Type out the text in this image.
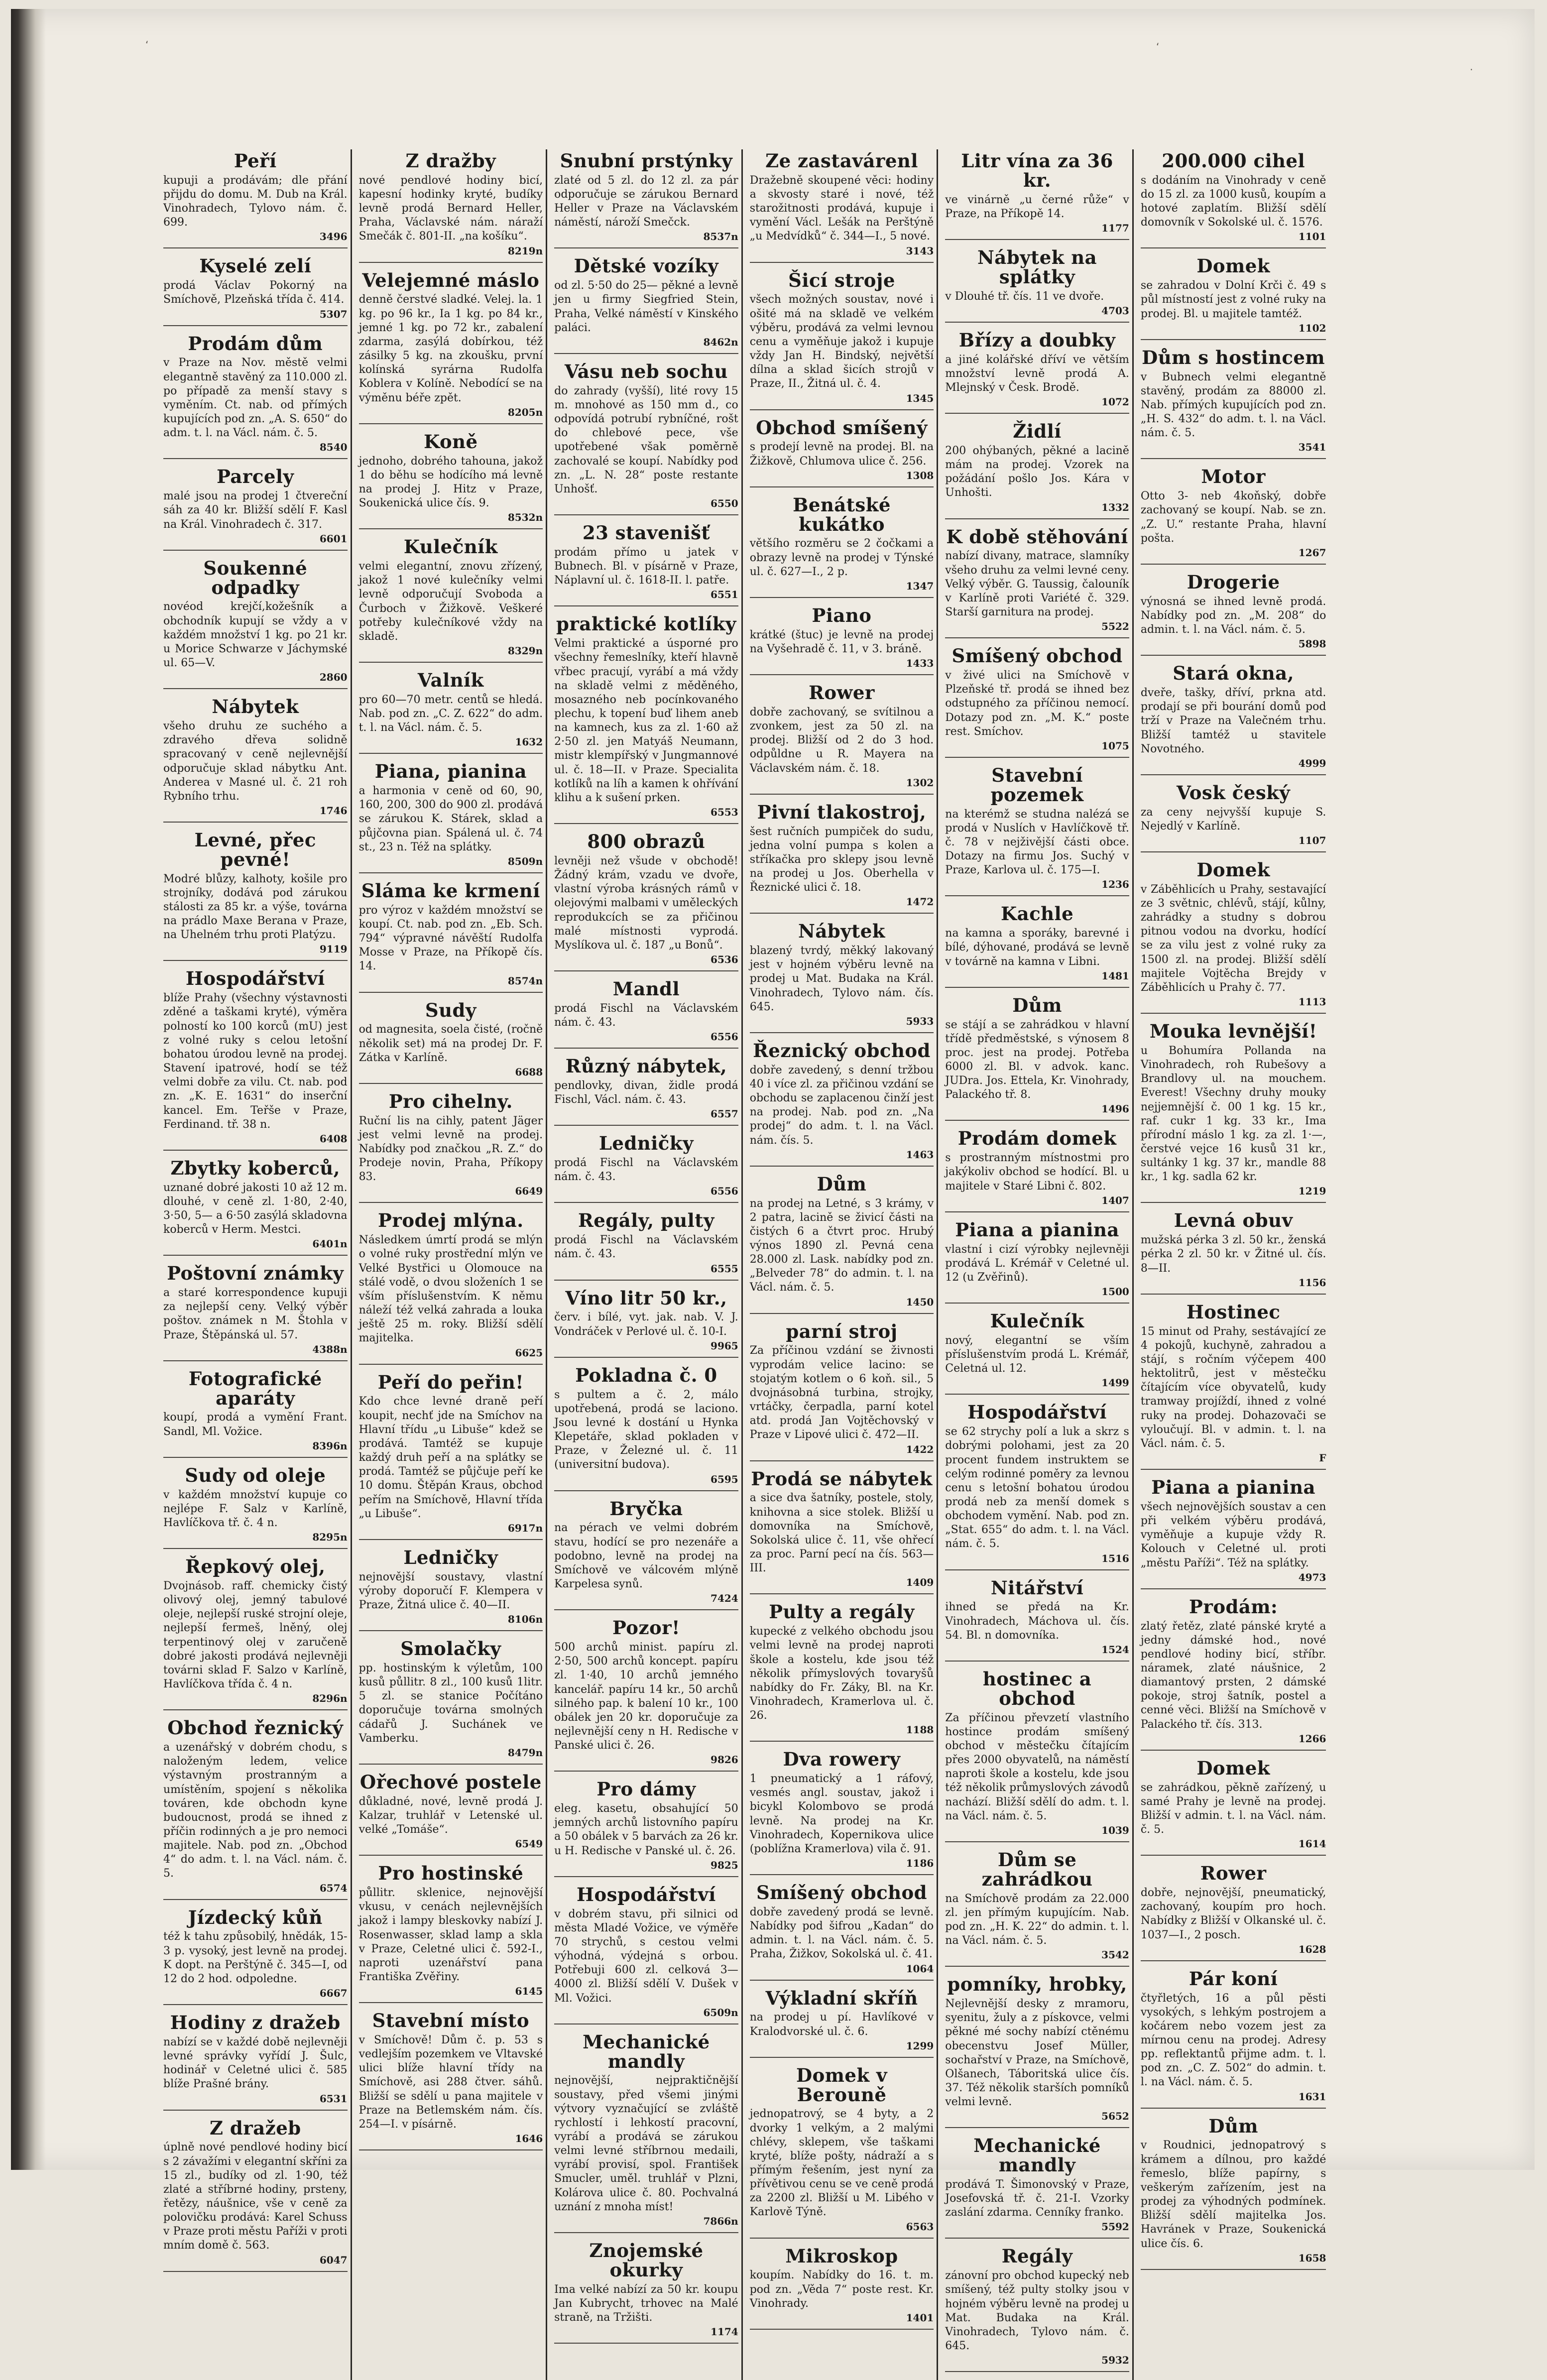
‘	‘
·
Peří
kupuji a prodávám; dle přání přijdu do domu. M. Dub na Král. Vinohradech, Tylovo nám. č. 699.
3496
Kyselé zelí
prodá Václav Pokorný na Smíchově, Plzeňská třída č. 414.
5307
Prodám dům
v Praze na Nov. městě velmi elegantně stavěný za 110.000 zl. po případě za menší stavy s vyměním. Ct. nab. od přímých kupujících pod zn. „A. S. 650“ do adm. t. l. na Václ. nám. č. 5.
8540
Parcely
malé jsou na prodej 1 čtvereční sáh za 40 kr. Bližší sdělí F. Kasl na Král. Vinohradech č. 317.
6601
Soukenné odpadky
novéod krejčí,kožešník a obchodník kupují se vždy a v každém množství 1 kg. po 21 kr. u Morice Schwarze v Jáchymské ul. 65—V.
2860
Nábytek
všeho druhu ze suchého a zdravého dřeva solidně spracovaný v ceně nejlevnější odporučuje sklad nábytku Ant. Anderea v Masné ul. č. 21 roh Rybního trhu.
1746
Levné, přec pevné!
Modré blůzy, kalhoty, košile pro strojníky, dodává pod zárukou stálosti za 85 kr. a výše, továrna na prádlo Maxe Berana v Praze, na Uhelném trhu proti Platýzu.
9119
Hospodářství
blíže Prahy (všechny výstavnosti zděné a taškami kryté), výměra polností ko 100 korců (mU) jest z volné ruky s celou letošní bohatou úrodou levně na prodej. Stavení ipatrové, hodí se též velmi dobře za vilu. Ct. nab. pod zn. „K. E. 1631“ do inserční kancel. Em. Teřše v Praze, Ferdinand. tř. 38 n.
6408
Zbytky koberců,
uznané dobré jakosti 10 až 12 m. dlouhé, v ceně zl. 1·80, 2·40, 3·50, 5— a 6·50 zasýlá skladovna koberců v Herm. Mestci.
6401n
Poštovní známky
a staré korrespondence kupuji za nejlepší ceny. Velký výběr poštov. známek n M. Štohla v Praze, Štěpánská ul. 57.
4388n
Fotografické aparáty
koupí, prodá a vymění Frant. Sandl, Ml. Vožice.
8396n
Sudy od oleje
v každém množství kupuje co nejlépe F. Salz v Karlíně, Havlíčkova tř. č. 4 n.
8295n
Řepkový olej,
Dvojnásob. raff. chemicky čistý olivový olej, jemný tabulové oleje, nejlepší ruské strojní oleje, nejlepší fermeš, lněný, olej terpentinový olej v zaručeně dobré jakosti prodává nejlevněji továrni sklad F. Salzo v Karlíně, Havlíčkova třída č. 4 n.
8296n
Obchod řeznický
a uzenářský v dobrém chodu, s naloženým ledem, velice výstavným prostranným a umístěním, spojení s několika továren, kde obchodn kyne budoucnost, prodá se ihned z příčin rodinných a je pro nemoci majitele. Nab. pod zn. „Obchod 4“ do adm. t. l. na Václ. nám. č. 5.
6574
Jízdecký kůň
též k tahu způsobilý, hnědák, 15-3 p. vysoký, jest levně na prodej. K dopt. na Perštýně č. 345—I, od 12 do 2 hod. odpoledne.
6667
Hodiny z dražeb
nabízí se v každé době nejlevněji levné správky vyřídí J. Šulc, hodinář v Celetné ulici č. 585 blíže Prašné brány.
6531
Z dražeb
úplně nové pendlové hodiny bicí s 2 závažími v elegantní skříni za 15 zl., budíky od zl. 1·90, též zlaté a stříbrné hodiny, prsteny, řetězy, náušnice, vše v ceně za polovičku prodává: Karel Schuss v Praze proti městu Paříži v proti mním domě č. 563.
6047
Z dražby
nové pendlové hodiny bicí, kapesní hodinky kryté, budíky levně prodá Bernard Heller, Praha, Václavské nám. náraží Smečák č. 801-II. „na košíku“.
8219n
Velejemné máslo
denně čerstvé sladké. Velej. la. 1 kg. po 96 kr., Ia 1 kg. po 84 kr., jemné 1 kg. po 72 kr., zabalení zdarma, zasýlá dobírkou, též zásilky 5 kg. na zkoušku, první kolínská syrárna Rudolfa Koblera v Kolíně. Nebodící se na výměnu béře zpět.
8205n
Koně
jednoho, dobrého tahouna, jakož 1 do běhu se hodícího má levně na prodej J. Hitz v Praze, Soukenická ulice čís. 9.
8532n
Kulečník
velmi elegantní, znovu zřízený, jakož 1 nové kulečníky velmi levně odporučují Svoboda a Čurboch v Žižkově. Veškeré potřeby kulečníkové vždy na skladě.
8329n
Valník
pro 60—70 metr. centů se hledá. Nab. pod zn. „C. Z. 622“ do adm. t. l. na Václ. nám. č. 5.
1632
Piana, pianina
a harmonia v ceně od 60, 90, 160, 200, 300 do 900 zl. prodává se zárukou K. Stárek, sklad a půjčovna pian. Spálená ul. č. 74 st., 23 n. Též na splátky.
8509n
Sláma ke krmení
pro výroz v každém množství se koupí. Ct. nab. pod zn. „Eb. Sch. 794“ výpravné návěští Rudolfa Mosse v Praze, na Příkopě čís. 14.
8574n
Sudy
od magnesita, soela čisté, (ročně několik set) má na prodej Dr. F. Zátka v Karlíně.
6688
Pro cihelny.
Ruční lis na cihly, patent Jäger jest velmi levně na prodej. Nabídky pod značkou „R. Z.“ do Prodeje novin, Praha, Příkopy 83.
6649
Prodej mlýna.
Následkem úmrtí prodá se mlýn o volné ruky prostřední mlýn ve Velké Bystřici u Olomouce na stálé vodě, o dvou složeních 1 se vším příslušenstvím. K němu náleží též velká zahrada a louka ještě 25 m. roky. Bližší sdělí majitelka.
6625
Peří do peřin!
Kdo chce levné draně peří koupit, nechť jde na Smíchov na Hlavní třídu „u Libuše“ kdež se prodává. Tamtéž se kupuje každý druh peří a na splátky se prodá. Tamtéž se půjčuje peří ke 10 domu. Štěpán Kraus, obchod peřím na Smíchově, Hlavní třída „u Libuše“.
6917n
Ledničky
nejnovější soustavy, vlastní výroby doporučí F. Klempera v Praze, Žitná ulice č. 40—II.
8106n
Smolačky
pp. hostinským k výletům, 100 kusů půllitr. 8 zl., 100 kusů 1litr. 5 zl. se stanice Počítáno doporučuje továrna smolných cádařů J. Suchánek ve Vamberku.
8479n
Ořechové postele
důkladné, nové, levně prodá J. Kalzar, truhlář v Letenské ul. velké „Tomáše“.
6549
Pro hostinské
půllitr. sklenice, nejnovější vkusu, v cenách nejlevnějších jakož i lampy bleskovky nabízí J. Rosenwasser, sklad lamp a skla v Praze, Celetné ulici č. 592-I., naproti uzenářství pana Františka Zvěřiny.
6145
Stavební místo
v Smíchově! Dům č. p. 53 s vedlejším pozemkem ve Vltavské ulici blíže hlavní třídy na Smíchově, asi 288 čtver. sáhů. Bližší se sdělí u pana majitele v Praze na Betlemském nám. čís. 254—I. v písárně.
1646
Snubní prstýnky
zlaté od 5 zl. do 12 zl. za pár odporučuje se zárukou Bernard Heller v Praze na Václavském náměstí, nároží Smečck.
8537n
Dětské vozíky
od zl. 5·50 do 25— pěkné a levně jen u firmy Siegfried Stein, Praha, Velké náměstí v Kinského paláci.
8462n
Vásu neb sochu
do zahrady (vyšší), lité rovy 15 m. mnohové as 150 mm d., co odpovídá potrubí rybníčné, rošt do chlebové pece, vše upotřebené však poměrně zachovalé se koupí. Nabídky pod zn. „L. N. 28“ poste restante Unhošť.
6550
23 stavenišť
prodám přímo u jatek v Bubnech. Bl. v písárně v Praze, Náplavní ul. č. 1618-II. l. patře.
6551
praktické kotlíky
Velmi praktické a úsporné pro všechny řemeslníky, kteří hlavně vřbec pracují, vyrábí a má vždy na skladě velmi z měděného, mosazného neb pocínkovaného plechu, k topení buď lihem aneb na kamnech, kus za zl. 1·60 až 2·50 zl. jen Matyáš Neumann, mistr klempířský v Jungmannové ul. č. 18—II. v Praze. Specialita kotlíků na líh a kamen k ohřívání klihu a k sušení prken.
6553
800 obrazů
levněji než všude v obchodě! Žádný krám, vzadu ve dvoře, vlastní výroba krásných rámů v olejovými malbami v uměleckých reprodukcích se za přičinou malé místnosti vyprodá. Myslíkova ul. č. 187 „u Bonů“.
6536
Mandl
prodá Fischl na Václavském nám. č. 43.
6556
Různý nábytek,
pendlovky, divan, židle prodá Fischl, Václ. nám. č. 43.
6557
Ledničky
prodá Fischl na Václavském nám. č. 43.
6556
Regály, pulty
prodá Fischl na Václavském nám. č. 43.
6555
Víno litr 50 kr.,
červ. i bílé, vyt. jak. nab. V. J. Vondráček v Perlové ul. č. 10-I.
9965
Pokladna č. 0
s pultem a č. 2, málo upotřebená, prodá se laciono. Jsou levné k dostání u Hynka Klepetáře, sklad pokladen v Praze, v Železné ul. č. 11 (universitní budova).
6595
Bryčka
na pérach ve velmi dobrém stavu, hodící se pro nezenáře a podobno, levně na prodej na Smíchově ve válcovém mlýně Karpelesa synů.
7424
Pozor!
500 archů minist. papíru zl. 2·50, 500 archů koncept. papíru zl. 1·40, 10 archů jemného kancelář. papíru 14 kr., 50 archů silného pap. k balení 10 kr., 100 obálek jen 20 kr. doporučuje za nejlevnější ceny n H. Redische v Panské ulici č. 26.
9826
Pro dámy
eleg. kasetu, obsahující 50 jemných archů listovního papíru a 50 obálek v 5 barvách za 26 kr. u H. Redische v Panské ul. č. 26.
9825
Hospodářství
v dobrém stavu, při silnici od města Mladé Vožice, ve výměře 70 strychů, s cestou velmi výhodná, výdejná s orbou. Potřebuji 600 zl. celková 3—4000 zl. Bližší sdělí V. Dušek v Ml. Vožici.
6509n
Mechanické mandly
nejnovější, nejpraktičnější soustavy, před všemi jinými výtvory vyznačující se zvláště rychlostí i lehkostí pracovní, vyrábí a prodává se zárukou velmi levné stříbrnou medaili, vyrábí provisí, spol. František Smucler, uměl. truhlář v Plzni, Kolárova ulice č. 80. Pochvalná uznání z mnoha míst!
7866n
Znojemské okurky
Ima velké nabízí za 50 kr. koupu Jan Kubrycht, trhovec na Malé straně, na Tržišti.
1174
Ze zastavárenl
Dražebně skoupené věci: hodiny a skvosty staré i nové, též starožitnosti prodává, kupuje i vymění Václ. Lešák na Perštýně „u Medvídků“ č. 344—I., 5 nové.
3143
Šicí stroje
všech možných soustav, nové i ošité má na skladě ve velkém výběru, prodává za velmi levnou cenu a vyměňuje jakož i kupuje vždy Jan H. Bindský, největší dílna a sklad šicích strojů v Praze, II., Žitná ul. č. 4.
1345
Obchod smíšený
s prodejí levně na prodej. Bl. na Žižkově, Chlumova ulice č. 256.
1308
Benátské kukátko
většího rozměru se 2 čočkami a obrazy levně na prodej v Týnské ul. č. 627—I., 2 p.
1347
Piano
krátké (štuc) je levně na prodej na Vyšehradě č. 11, v 3. bráně.
1433
Rower
dobře zachovaný, se svítilnou a zvonkem, jest za 50 zl. na prodej. Bližší od 2 do 3 hod. odpůldne u R. Mayera na Václavském nám. č. 18.
1302
Pivní tlakostroj,
šest ručních pumpiček do sudu, jedna volní pumpa s kolen a stříkačka pro sklepy jsou levně na prodej u Jos. Oberhella v Řeznické ulici č. 18.
1472
Nábytek
blazený tvrdý, měkký lakovaný jest v hojném výběru levně na prodej u Mat. Budaka na Král. Vinohradech, Tylovo nám. čís. 645.
5933
Řeznický obchod
dobře zavedený, s denní tržbou 40 i více zl. za přičinou vzdání se obchodu se zaplacenou činží jest na prodej. Nab. pod zn. „Na prodej“ do adm. t. l. na Václ. nám. čís. 5.
1463
Dům
na prodej na Letné, s 3 krámy, v 2 patra, lacině se živicí části na čistých 6 a čtvrt proc. Hrubý výnos 1890 zl. Pevná cena 28.000 zl. Lask. nabídky pod zn. „Belveder 78“ do admin. t. l. na Václ. nám. č. 5.
1450
parní stroj
Za příčinou vzdání se živnosti vyprodám velice lacino: se stojatým kotlem o 6 koň. sil., 5 dvojnásobná turbina, strojky, vrtáčky, čerpadla, parní kotel atd. prodá Jan Vojtěchovský v Praze v Lipové ulici č. 472—II.
1422
Prodá se nábytek
a sice dva šatníky, postele, stoly, knihovna a sice stolek. Bližší u domovníka na Smíchově, Sokolská ulice č. 11, vše ohřecí za proc. Parní pecí na čís. 563—III.
1409
Pulty a regály
kupecké z velkého obchodu jsou velmi levně na prodej naproti škole a kostelu, kde jsou též několik přímyslových tovaryšů nabídky do Fr. Záky, Bl. na Kr. Vinohradech, Kramerlova ul. č. 26.
1188
Dva rowery
1 pneumatický a 1 ráfový, vesmés angl. soustav, jakož i bicykl Kolombovo se prodá levně. Na prodej na Kr. Vinohradech, Kopernikova ulice (poblížna Kramerlova) vila č. 91.
1186
Smíšený obchod
dobře zavedený prodá se levně. Nabídky pod šifrou „Kadan“ do admin. t. l. na Václ. nám. č. 5. Praha, Žižkov, Sokolská ul. č. 41.
1064
Výkladní skříň
na prodej u pí. Havlíkové v Kralodvorské ul. č. 6.
1299
Domek v Berouně
jednopatrový, se 4 byty, a 2 dvorky 1 velkým, a 2 malými chlévy, sklepem, vše taškami kryté, blíže pošty, nádraží a s přímým řešením, jest nyní za přívětivou cenu se ve ceně prodá za 2200 zl. Bližší u M. Libého v Karlově Týně.
6563
Mikroskop
koupím. Nabídky do 16. t. m. pod zn. „Věda 7“ poste rest. Kr. Vinohrady.
1401
Litr vína za 36 kr.
ve vinárně „u černé růže“ v Praze, na Příkopě 14.
1177
Nábytek na splátky
v Dlouhé tř. čís. 11 ve dvoře.
4703
Břízy a doubky
a jiné kolářské dříví ve větším množství levně prodá A. Mlejnský v Česk. Brodě.
1072
Židlí
200 ohýbaných, pěkné a lacině mám na prodej. Vzorek na požádání pošlo Jos. Kára v Unhošti.
1332
K době stěhování
nabízí divany, matrace, slamníky všeho druhu za velmi levné ceny. Velký výběr. G. Taussig, čalouník v Karlíně proti Variété č. 329. Starší garnitura na prodej.
5522
Smíšený obchod
v živé ulici na Smíchově v Plzeňské tř. prodá se ihned bez odstupného za příčinou nemocí. Dotazy pod zn. „M. K.“ poste rest. Smíchov.
1075
Stavební pozemek
na kterémž se studna nalézá se prodá v Nuslích v Havlíčkově tř. č. 78 v nejživější části obce. Dotazy na firmu Jos. Suchý v Praze, Karlova ul. č. 175—I.
1236
Kachle
na kamna a sporáky, barevné i bílé, dýhované, prodává se levně v továrně na kamna v Libni.
1481
Dům
se stájí a se zahrádkou v hlavní třídě předměstské, s výnosem 8 proc. jest na prodej. Potřeba 6000 zl. Bl. v advok. kanc. JUDra. Jos. Ettela, Kr. Vinohrady, Palackého tř. 8.
1496
Prodám domek
s prostranným místnostmi pro jakýkoliv obchod se hodící. Bl. u majitele v Staré Libni č. 802.
1407
Piana a pianina
vlastní i cizí výrobky nejlevněji prodává L. Krémář v Celetné ul. 12 (u Zvěřinů).
1500
Kulečník
nový, elegantní se vším příslušenstvím prodá L. Krémář, Celetná ul. 12.
1499
Hospodářství
se 62 strychy polí a luk a skrz s dobrými polohami, jest za 20 procent fundem instruktem se celým rodinné poměry za levnou cenu s letošní bohatou úrodou prodá neb za menší domek s obchodem vymění. Nab. pod zn. „Stat. 655“ do adm. t. l. na Václ. nám. č. 5.
1516
Nitářství
ihned se předá na Kr. Vinohradech, Máchova ul. čís. 54. Bl. n domovníka.
1524
hostinec a obchod
Za příčinou převzetí vlastního hostince prodám smíšený obchod v městečku čítajícím přes 2000 obyvatelů, na náměstí naproti škole a kostelu, kde jsou též několik průmyslových závodů nachází. Bližší sdělí do adm. t. l. na Václ. nám. č. 5.
1039
Dům se zahrádkou
na Smíchově prodám za 22.000 zl. jen přímým kupujícím. Nab. pod zn. „H. K. 22“ do admin. t. l. na Václ. nám. č. 5.
3542
pomníky, hrobky,
Nejlevnější desky z mramoru, syenitu, žuly a z pískovce, velmi pěkné mé sochy nabízí ctěnému obecenstvu Josef Müller, sochařství v Praze, na Smíchově, Olšanech, Táboritská ulice čís. 37. Též několik starších pomníků velmi levně.
5652
Mechanické mandly
prodává T. Šimonovský v Praze, Josefovská tř. č. 21-I. Vzorky zaslání zdarma. Cenníky franko.
5592
Regály
zánovní pro obchod kupecký neb smíšený, též pulty stolky jsou v hojném výběru levně na prodej u Mat. Budaka na Král. Vinohradech, Tylovo nám. č. 645.
5932
200.000 cihel
s dodáním na Vinohrady v ceně do 15 zl. za 1000 kusů, koupím a hotové zaplatím. Bližší sdělí domovník v Sokolské ul. č. 1576.
1101
Domek
se zahradou v Dolní Krči č. 49 s půl místností jest z volné ruky na prodej. Bl. u majitele tamtéž.
1102
Dům s hostincem
v Bubnech velmi elegantně stavěný, prodám za 88000 zl. Nab. přímých kupujících pod zn. „H. S. 432“ do adm. t. l. na Václ. nám. č. 5.
3541
Motor
Otto 3- neb 4koňský, dobře zachovaný se koupí. Nab. se zn. „Z. U.“ restante Praha, hlavní pošta.
1267
Drogerie
výnosná se ihned levně prodá. Nabídky pod zn. „M. 208“ do admin. t. l. na Václ. nám. č. 5.
5898
Stará okna,
dveře, tašky, dříví, prkna atd. prodají se při bourání domů pod trží v Praze na Valečném trhu. Bližší tamtéž u stavitele Novotného.
4999
Vosk český
za ceny nejvyšší kupuje S. Nejedlý v Karlíně.
1107
Domek
v Záběhlicích u Prahy, sestavající ze 3 světnic, chlévů, stájí, kůlny, zahrádky a studny s dobrou pitnou vodou na dvorku, hodící se za vilu jest z volné ruky za 1500 zl. na prodej. Bližší sdělí majitele Vojtěcha Brejdy v Záběhlicích u Prahy č. 77.
1113
Mouka levnější!
u Bohumíra Pollanda na Vinohradech, roh Rubešovy a Brandlovy ul. na mouchem. Everest! Všechny druhy mouky nejjemnější č. 00 1 kg. 15 kr., raf. cukr 1 kg. 33 kr., Ima přírodní máslo 1 kg. za zl. 1·—, čerstvé vejce 16 kusů 31 kr., sultánky 1 kg. 37 kr., mandle 88 kr., 1 kg. sadla 62 kr.
1219
Levná obuv
mužská pérka 3 zl. 50 kr., ženská pérka 2 zl. 50 kr. v Žitné ul. čís. 8—II.
1156
Hostinec
15 minut od Prahy, sestávající ze 4 pokojů, kuchyně, zahradou a stájí, s ročním výčepem 400 hektolitrů, jest v městečku čítajícím více obyvatelů, kudy tramway projíždí, ihned z volné ruky na prodej. Dohazovači se vyloučují. Bl. v admin. t. l. na Václ. nám. č. 5.
F
Piana a pianina
všech nejnovějších soustav a cen při velkém výběru prodává, vyměňuje a kupuje vždy R. Kolouch v Celetné ul. proti „městu Paříži“. Též na splátky.
4973
Prodám:
zlatý řetěz, zlaté pánské kryté a jedny dámské hod., nové pendlové hodiny bicí, stříbr. náramek, zlaté náušnice, 2 diamantový prsten, 2 dámské pokoje, stroj šatník, postel a cenné věci. Bližší na Smíchově v Palackého tř. čís. 313.
1266
Domek
se zahrádkou, pěkně zařízený, u samé Prahy je levně na prodej. Bližší v admin. t. l. na Václ. nám. č. 5.
1614
Rower
dobře, nejnovější, pneumatický, zachovaný, koupím pro hoch. Nabídky z Bližší v Olkanské ul. č. 1037—I., 2 posch.
1628
Pár koní
čtyřletých, 16 a půl pěsti vysokých, s lehkým postrojem a kočárem nebo vozem jest za mírnou cenu na prodej. Adresy pp. reflektantů přijme adm. t. l. pod zn. „C. Z. 502“ do admin. t. l. na Václ. nám. č. 5.
1631
Dům
v Roudnici, jednopatrový s krámem a dílnou, pro každé řemeslo, blíže papírny, s veškerým zařízením, jest na prodej za výhodných podmínek. Bližší sdělí majitelka Jos. Havránek v Praze, Soukenická ulice čís. 6.
1658
